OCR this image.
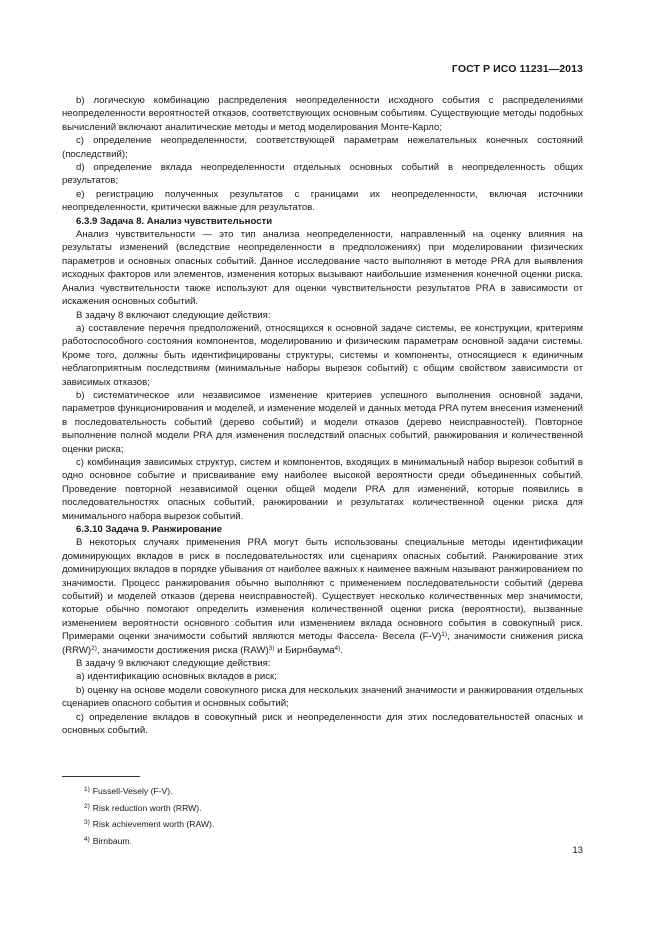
ГОСТ Р ИСО 11231—2013

b) логическую комбинацию распределения неопределенности исходного события с распределениями неопределенности вероятностей отказов, соответствующих основным событиям. Существующие методы подобных вычислений включают аналитические методы и метод моделирования Монте-Карло;

c) определение неопределенности, соответствующей параметрам нежелательных конечных состояний (последствий);

d) определение вклада неопределенности отдельных основных событий в неопределенность общих результатов;

e) регистрацию полученных результатов с границами их неопределенности, включая источники неопределенности, критически важные для результатов.

6.3.9 Задача 8. Анализ чувствительности

Анализ чувствительности — это тип анализа неопределенности, направленный на оценку влияния на результаты изменений (вследствие неопределенности в предположениях) при моделировании физических параметров и основных опасных событий. Данное исследование часто выполняют в методе PRA для выявления исходных факторов или элементов, изменения которых вызывают наибольшие изменения конечной оценки риска. Анализ чувствительности также используют для оценки чувствительности результатов PRA в зависимости от искажения основных событий.

В задачу 8 включают следующие действия:

a) составление перечня предположений, относящихся к основной задаче системы, ее конструкции, критериям работоспособного состояния компонентов, моделированию и физическим параметрам основной задачи системы. Кроме того, должны быть идентифицированы структуры, системы и компоненты, относящиеся к единичным неблагоприятным последствиям (минимальные наборы вырезок событий) с общим свойством зависимости от зависимых отказов;

b) систематическое или независимое изменение критериев успешного выполнения основной задачи, параметров функционирования и моделей, и изменение моделей и данных метода PRA путем внесения изменений в последовательность событий (дерево событий) и модели отказов (дерево неисправностей). Повторное выполнение полной модели PRA для изменения последствий опасных событий, ранжирования и количественной оценки риска;

c) комбинация зависимых структур, систем и компонентов, входящих в минимальный набор вырезок событий в одно основное событие и присваивание ему наиболее высокой вероятности среди объединенных событий. Проведение повторной независимой оценки общей модели PRA для изменений, которые появились в последовательностях опасных событий, ранжировании и результатах количественной оценки риска для минимального набора вырезок событий.

6.3.10 Задача 9. Ранжирование

В некоторых случаях применения PRA могут быть использованы специальные методы идентификации доминирующих вкладов в риск в последовательностях или сценариях опасных событий. Ранжирование этих доминирующих вкладов в порядке убывания от наиболее важных к наименее важным называют ранжированием по значимости. Процесс ранжирования обычно выполняют с применением последовательности событий (дерева событий) и моделей отказов (дерева неисправностей). Существует несколько количественных мер значимости, которые обычно помогают определить изменения количественной оценки риска (вероятности), вызванные изменением вероятности основного события или изменением вклада основного события в совокупный риск. Примерами оценки значимости событий являются методы Фассела- Весела $(F-V)^{1)}$, значимости снижения риска (RRW)$^{2)}$, значимости достижения риска (RAW)$^{3)}$ и Бирнбаума$^{4)}$.

В задачу 9 включают следующие действия:

a) идентификацию основных вкладов в риск;

b) оценку на основе модели совокупного риска для нескольких значений значимости и ранжирования отдельных сценариев опасного события и основных событий;

c) определение вкладов в совокупный риск и неопределенности для этих последовательностей опасных и основных событий.

$^{1)}$ Fussell-Vesely (F-V).
$^{2)}$ Risk reduction worth (RRW).
$^{3)}$ Risk achievement worth (RAW).
$^{4)}$ Birnbaum.
13
